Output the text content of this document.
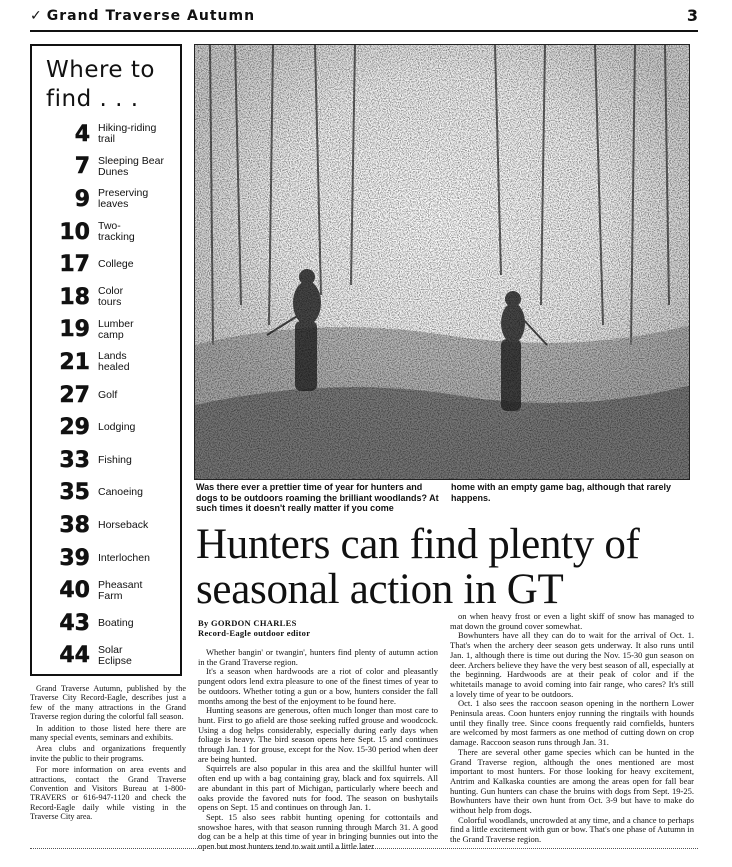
✓ Grand Traverse Autumn	3
Where to
find . . .
4 Hiking-riding
trail
7 Sleeping Bear
Dunes
9 Preserving
leaves
10 Two-
tracking
17 College
18 Color
tours
19 Lumber
camp
21 Lands
healed
27 Golf
29 Lodging
33 Fishing
35 Canoeing
38 Horseback
39 Interlochen
40 Pheasant
Farm
43 Boating
44 Solar
Eclipse

Grand Traverse Autumn, published by the Traverse City Record-Eagle, describes just a few of the many attractions in the Grand Traverse region during the colorful fall season.

In addition to those listed here there are many special events, seminars and exhibits.

Area clubs and organizations frequently invite the public to their programs.

For more information on area events and attractions, contact the Grand Traverse Convention and Visitors Bureau at 1-800-TRAVERS or 616-947-1120 and check the Record-Eagle daily while visting in the Traverse City area.

Was there ever a prettier time of year for hunters and dogs to be outdoors roaming the brilliant woodlands? At such times it doesn't really matter if you come
home with an empty game bag, although that rarely happens.
Hunters can find plenty of seasonal action in GT
By GORDON CHARLES
Record-Eagle outdoor editor

Whether bangin' or twangin', hunters find plenty of autumn action in the Grand Traverse region.

It's a season when hardwoods are a riot of color and pleasantly pungent odors lend extra pleasure to one of the finest times of year to be outdoors. Whether toting a gun or a bow, hunters consider the fall months among the best of the enjoyment to be found here.

Hunting seasons are generous, often much longer than most care to hunt. First to go afield are those seeking ruffed grouse and woodcock. Using a dog helps considerably, especially during early days when foliage is heavy. The bird season opens here Sept. 15 and continues through Jan. 1 for grouse, except for the Nov. 15-30 period when deer are being hunted.

Squirrels are also popular in this area and the skillful hunter will often end up with a bag containing gray, black and fox squirrels. All are abundant in this part of Michigan, particularly where beech and oaks provide the favored nuts for food. The season on bushytails opens on Sept. 15 and continues on through Jan. 1.

Sept. 15 also sees rabbit hunting opening for cottontails and snowshoe hares, with that season running through March 31. A good dog can be a help at this time of year in bringing bunnies out into the open but most hunters tend to wait until a little later

on when heavy frost or even a light skiff of snow has managed to mat down the ground cover somewhat.

Bowhunters have all they can do to wait for the arrival of Oct. 1. That's when the archery deer season gets underway. It also runs until Jan. 1, although there is time out during the Nov. 15-30 gun season on deer. Archers believe they have the very best season of all, especially at the beginning. Hardwoods are at their peak of color and if the whitetails manage to avoid coming into fair range, who cares? It's still a lovely time of year to be outdoors.

Oct. 1 also sees the raccoon season opening in the northern Lower Peninsula areas. Coon hunters enjoy running the ringtails with hounds until they finally tree. Since coons frequently raid cornfields, hunters are welcomed by most farmers as one method of cutting down on crop damage. Raccoon season runs through Jan. 31.

There are several other game species which can be hunted in the Grand Traverse region, although the ones mentioned are most important to most hunters. For those looking for heavy excitement, Antrim and Kalkaska counties are among the areas open for fall bear hunting. Gun hunters can chase the bruins with dogs from Sept. 19-25. Bowhunters have their own hunt from Oct. 3-9 but have to make do without help from dogs.

Colorful woodlands, uncrowded at any time, and a chance to perhaps find a little excitement with gun or bow. That's one phase of Autumn in the Grand Traverse region.
